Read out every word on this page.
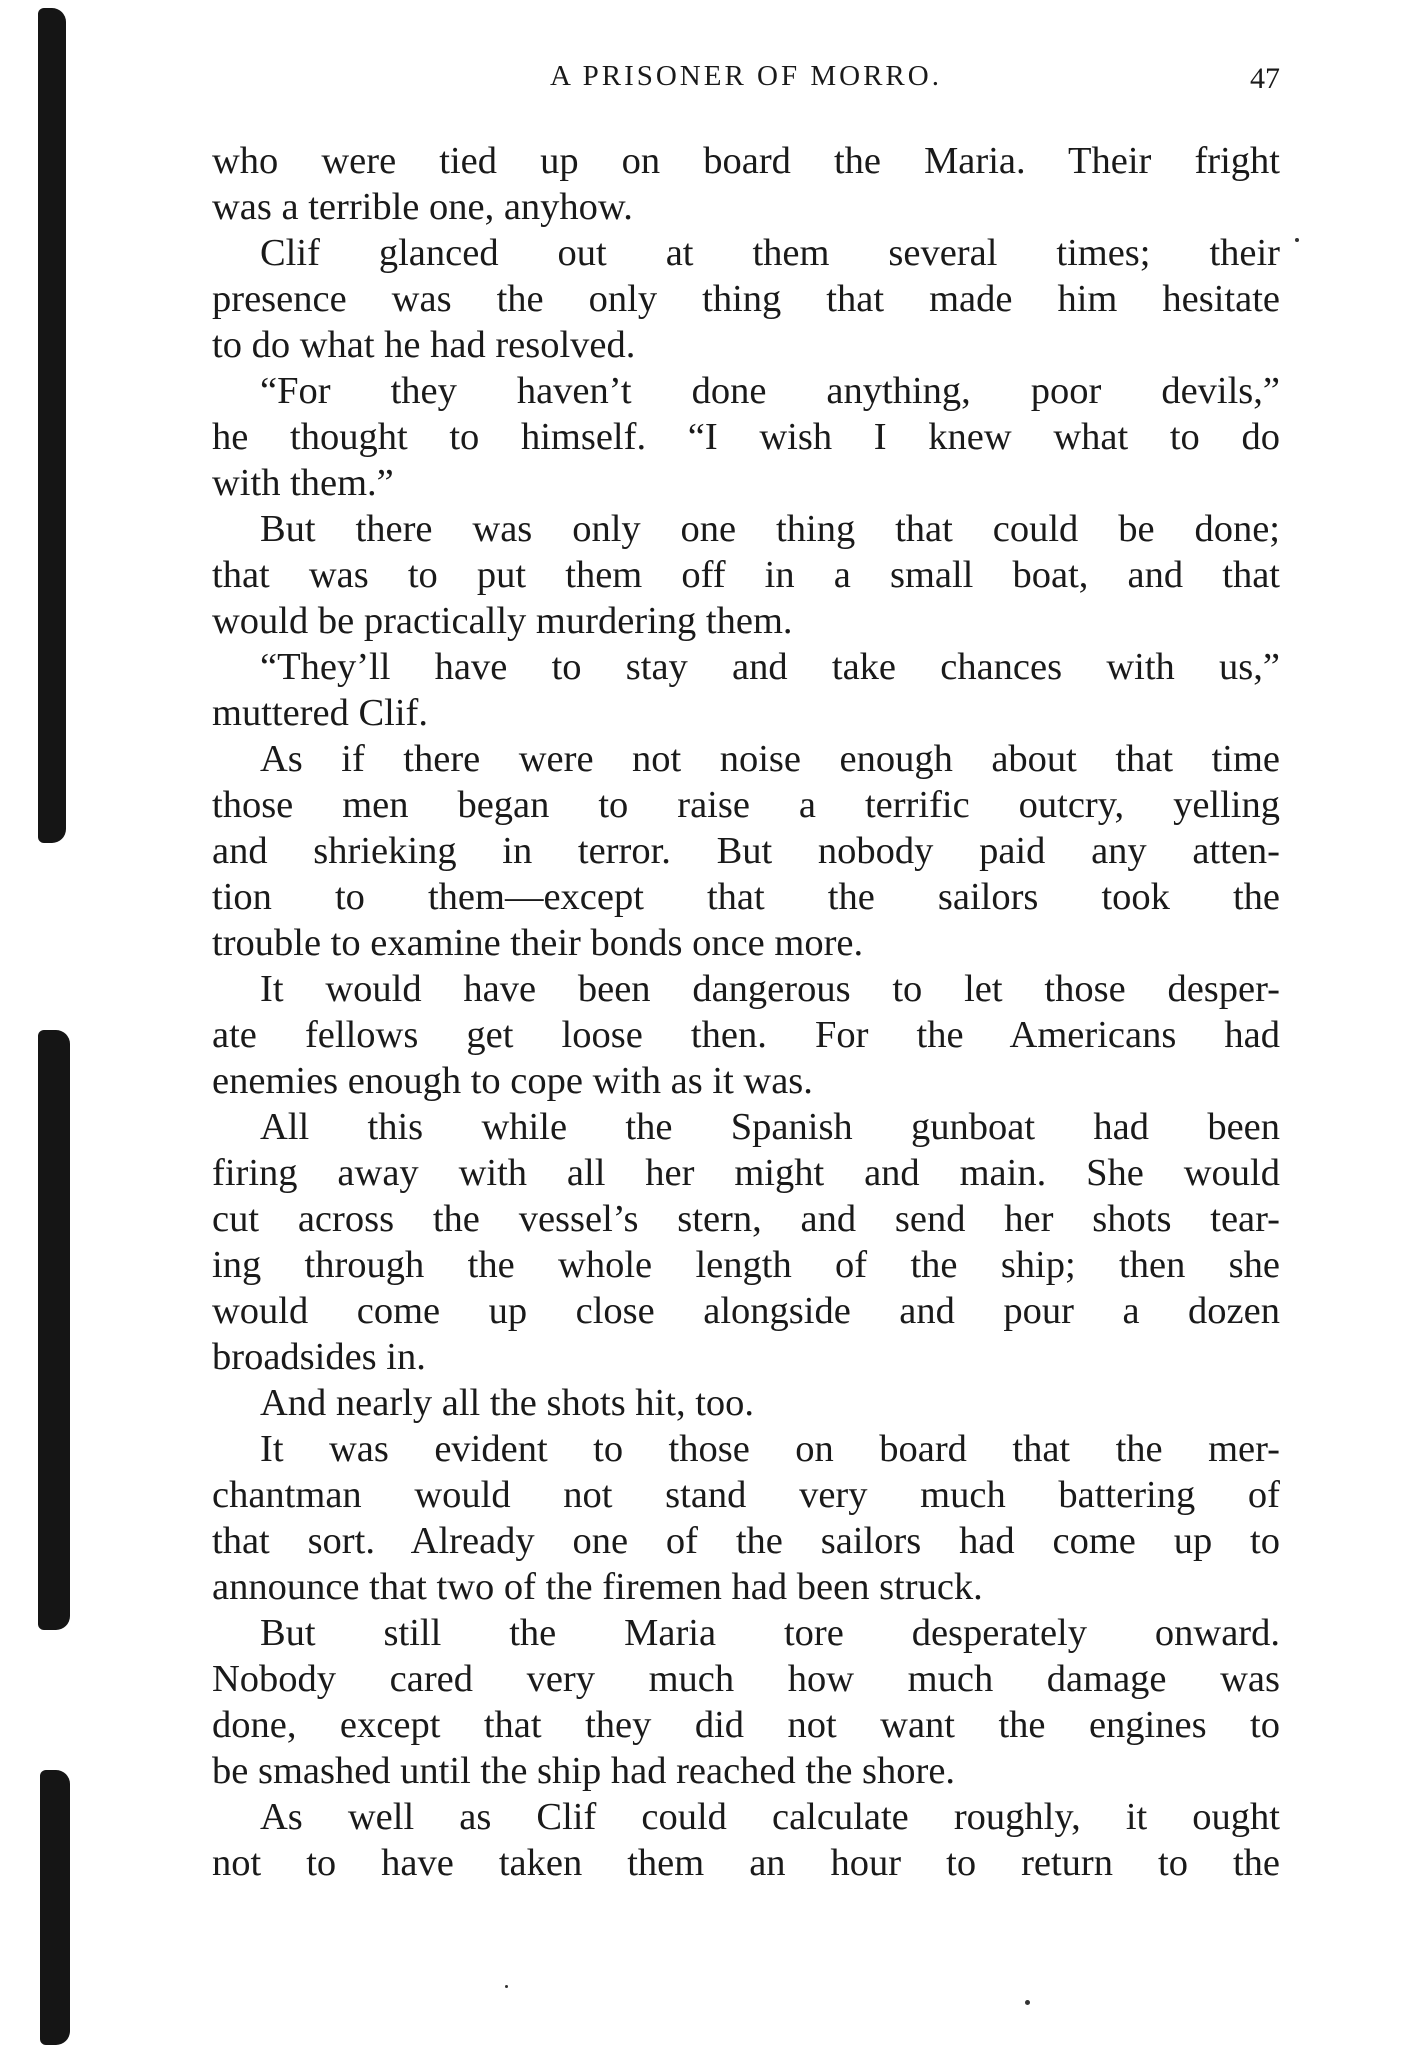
A PRISONER OF MORRO.	47
who were tied up on board the Maria. Their fright
was a terrible one, anyhow.
Clif glanced out at them several times; their
presence was the only thing that made him hesitate
to do what he had resolved.
“For they haven’t done anything, poor devils,”
he thought to himself. “I wish I knew what to do
with them.”
But there was only one thing that could be done;
that was to put them off in a small boat, and that
would be practically murdering them.
“They’ll have to stay and take chances with us,”
muttered Clif.
As if there were not noise enough about that time
those men began to raise a terrific outcry, yelling
and shrieking in terror. But nobody paid any atten-
tion to them—except that the sailors took the
trouble to examine their bonds once more.
It would have been dangerous to let those desper-
ate fellows get loose then. For the Americans had
enemies enough to cope with as it was.
All this while the Spanish gunboat had been
firing away with all her might and main. She would
cut across the vessel’s stern, and send her shots tear-
ing through the whole length of the ship; then she
would come up close alongside and pour a dozen
broadsides in.
And nearly all the shots hit, too.
It was evident to those on board that the mer-
chantman would not stand very much battering of
that sort. Already one of the sailors had come up to
announce that two of the firemen had been struck.
But still the Maria tore desperately onward.
Nobody cared very much how much damage was
done, except that they did not want the engines to
be smashed until the ship had reached the shore.
As well as Clif could calculate roughly, it ought
not to have taken them an hour to return to the
